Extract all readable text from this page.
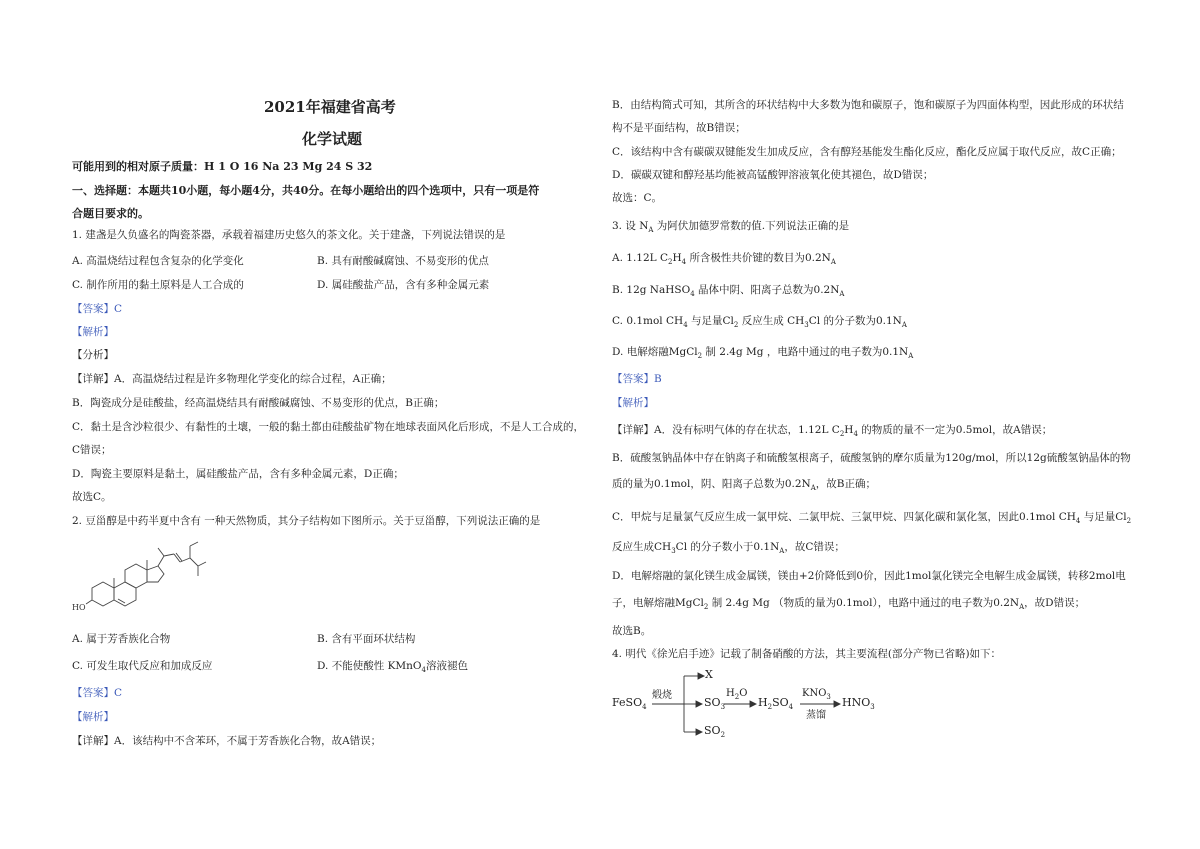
2021年福建省高考
化学试题
可能用到的相对原子质量：H 1 O 16 Na 23 Mg 24 S 32
一、选择题：本题共10小题，每小题4分，共40分。在每小题给出的四个选项中，只有一项是符
合题目要求的。
1. 建盏是久负盛名的陶瓷茶器，承载着福建历史悠久的茶文化。关于建盏，下列说法错误的是
A. 高温烧结过程包含复杂的化学变化	B. 具有耐酸碱腐蚀、不易变形的优点
C. 制作所用的黏土原料是人工合成的	D. 属硅酸盐产品，含有多种金属元素
【答案】C
【解析】
【分析】
【详解】A．高温烧结过程是许多物理化学变化的综合过程，A正确；
B．陶瓷成分是硅酸盐，经高温烧结具有耐酸碱腐蚀、不易变形的优点，B正确；
C．黏土是含沙粒很少、有黏性的土壤，一般的黏土都由硅酸盐矿物在地球表面风化后形成，不是人工合成的，
C错误；
D．陶瓷主要原料是黏土，属硅酸盐产品，含有多种金属元素，D正确；
故选C。
2. 豆甾醇是中药半夏中含有 一种天然物质，其分子结构如下图所示。关于豆甾醇，下列说法正确的是
HO
A. 属于芳香族化合物	B. 含有平面环状结构
C. 可发生取代反应和加成反应	D. 不能使酸性 KMnO$_4$溶液褪色
【答案】C
【解析】
【详解】A．该结构中不含苯环，不属于芳香族化合物，故A错误；
B．由结构简式可知，其所含的环状结构中大多数为饱和碳原子，饱和碳原子为四面体构型，因此形成的环状结
构不是平面结构，故B错误；
C．该结构中含有碳碳双键能发生加成反应，含有醇羟基能发生酯化反应，酯化反应属于取代反应，故C正确；
D．碳碳双键和醇羟基均能被高锰酸钾溶液氧化使其褪色，故D错误；
故选：C。
3. 设 $N_A$ 为阿伏加德罗常数的值.下列说法正确的是
A. 1.12L $C_2H_4$ 所含极性共价键的数目为$0.2N_A$
B. 12g NaHSO$_4$ 晶体中阴、阳离子总数为$0.2N_A$
C. 0.1mol $CH_4$ 与足量$Cl_2$ 反应生成 $CH_3Cl$ 的分子数为$0.1N_A$
D. 电解熔融MgCl$_2$ 制 2.4g Mg ，电路中通过的电子数为$0.1N_A$
【答案】B
【解析】
【详解】A．没有标明气体的存在状态，1.12L $C_2H_4$ 的物质的量不一定为0.5mol，故A错误；
B．硫酸氢钠晶体中存在钠离子和硫酸氢根离子，硫酸氢钠的摩尔质量为120g/mol，所以12g硫酸氢钠晶体的物
质的量为0.1mol，阴、阳离子总数为$0.2N_A$，故B正确；
C．甲烷与足量氯气反应生成一氯甲烷、二氯甲烷、三氯甲烷、四氯化碳和氯化氢，因此0.1mol $CH_4$ 与足量$Cl_2$
反应生成$CH_3Cl$ 的分子数小于$0.1N_A$，故C错误；
D．电解熔融的氯化镁生成金属镁，镁由+2价降低到0价，因此1mol氯化镁完全电解生成金属镁，转移2mol电
子，电解熔融MgCl$_2$ 制 2.4g Mg （物质的量为0.1mol），电路中通过的电子数为$0.2N_A$，故D错误；
故选B。
4. 明代《徐光启手迹》记载了制备硝酸的方法，其主要流程(部分产物已省略)如下：
FeSO$_4$
煅烧
X
$SO_3$
$H_2O$
$H_2SO_4$
$KNO_3$
蒸馏
$HNO_3$
$SO_2$
